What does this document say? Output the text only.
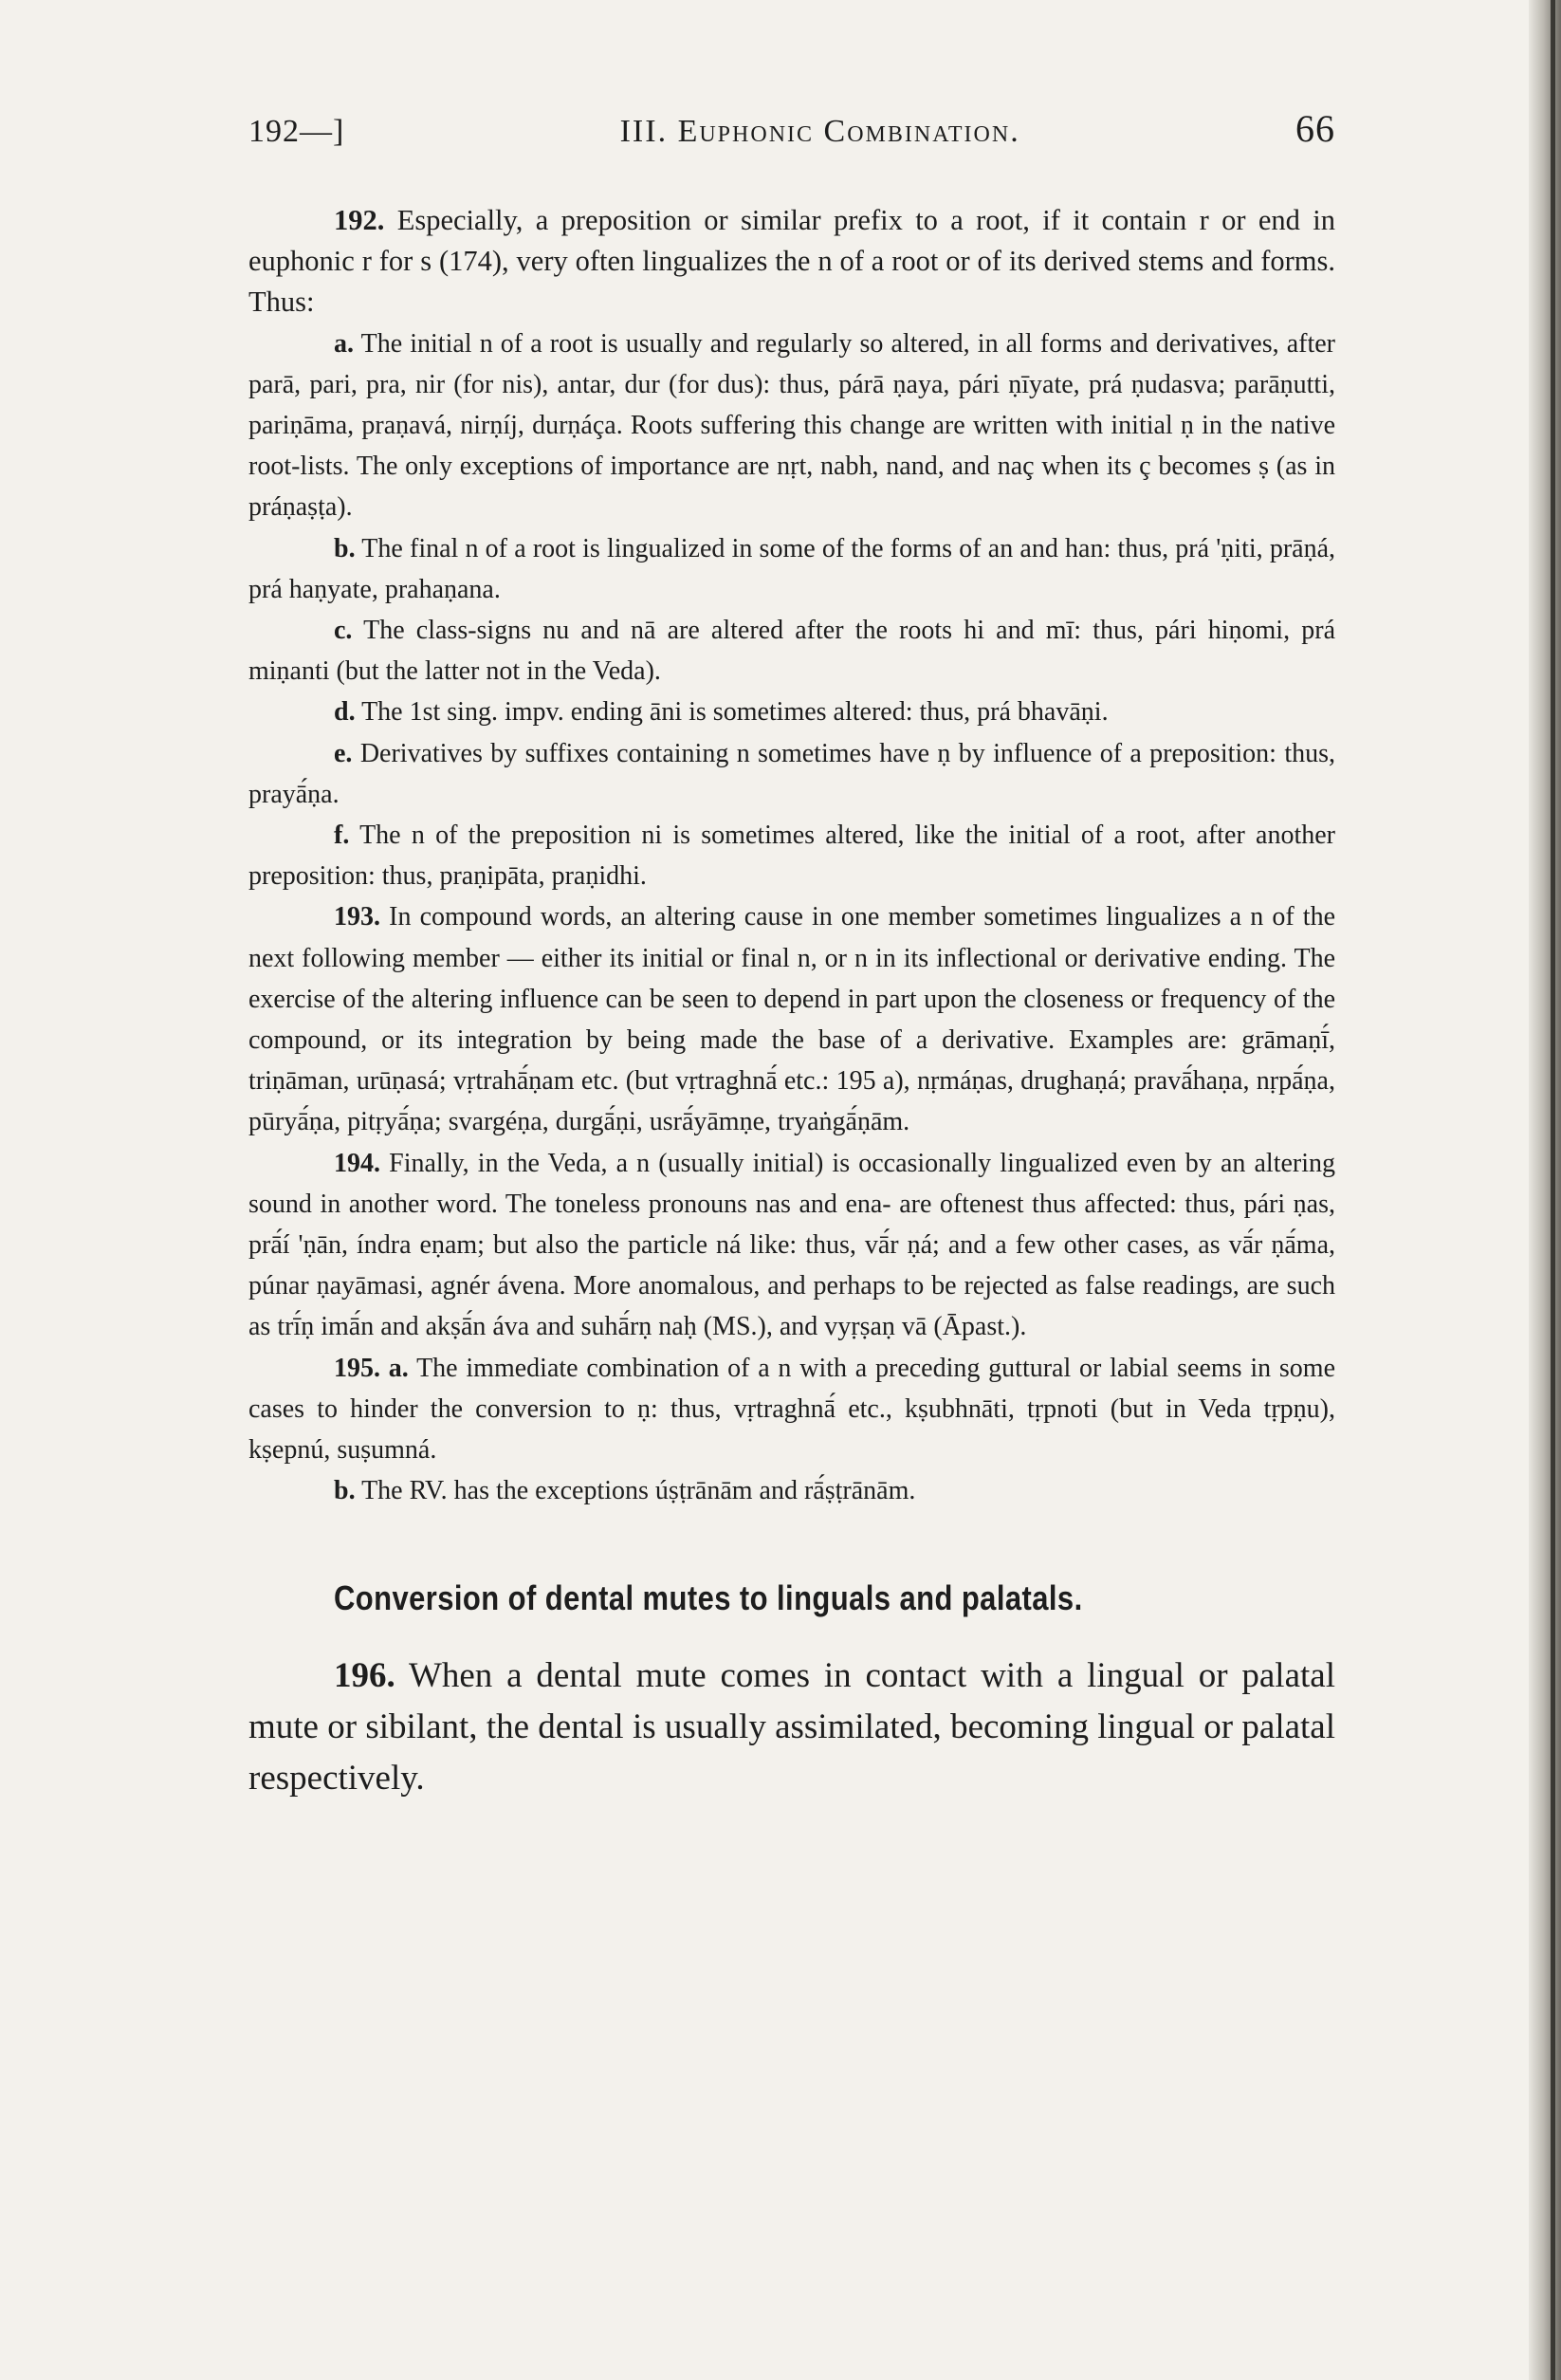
192—]	III. Euphonic Combination.	66

192. Especially, a preposition or similar prefix to a root, if it contain r or end in euphonic r for s (174), very often lingualizes the n of a root or of its derived stems and forms. Thus:

a. The initial n of a root is usually and regularly so altered, in all forms and derivatives, after parā, pari, pra, nir (for nis), antar, dur (for dus): thus, párā ṇaya, pári ṇīyate, prá ṇudasva; parāṇutti, pariṇāma, praṇavá, nirṇíj, durṇáça. Roots suffering this change are written with initial ṇ in the native root-lists. The only exceptions of importance are nṛt, nabh, nand, and naç when its ç becomes ṣ (as in práṇaṣṭa).

b. The final n of a root is lingualized in some of the forms of an and han: thus, prá 'ṇiti, prāṇá, prá haṇyate, prahaṇana.

c. The class-signs nu and nā are altered after the roots hi and mī: thus, pári hiṇomi, prá miṇanti (but the latter not in the Veda).

d. The 1st sing. impv. ending āni is sometimes altered: thus, prá bhavāṇi.

e. Derivatives by suffixes containing n sometimes have ṇ by influence of a preposition: thus, prayā́ṇa.

f. The n of the preposition ni is sometimes altered, like the initial of a root, after another preposition: thus, praṇipāta, praṇidhi.

193. In compound words, an altering cause in one member sometimes lingualizes a n of the next following member — either its initial or final n, or n in its inflectional or derivative ending. The exercise of the altering influence can be seen to depend in part upon the closeness or frequency of the compound, or its integration by being made the base of a derivative. Examples are: grāmaṇī́, triṇāman, urūṇasá; vṛtrahā́ṇam etc. (but vṛtraghnā́ etc.: 195 a), nṛmáṇas, drughaṇá; pravā́haṇa, nṛpā́ṇa, pūryā́ṇa, pitṛyā́ṇa; svargéṇa, durgā́ṇi, usrā́yāmṇe, tryaṅgā́ṇām.

194. Finally, in the Veda, a n (usually initial) is occasionally lingualized even by an altering sound in another word. The toneless pronouns nas and ena- are oftenest thus affected: thus, pári ṇas, prā́í 'ṇān, índra eṇam; but also the particle ná like: thus, vā́r ṇá; and a few other cases, as vā́r ṇā́ma, púnar ṇayāmasi, agnér ávena. More anomalous, and perhaps to be rejected as false readings, are such as trī́ṇ imā́n and akṣā́n áva and suhā́rṇ naḥ (MS.), and vyṛṣaṇ vā (Āpast.).

195. a. The immediate combination of a n with a preceding guttural or labial seems in some cases to hinder the conversion to ṇ: thus, vṛtraghnā́ etc., kṣubhnāti, tṛpnoti (but in Veda tṛpṇu), kṣepnú, suṣumná.

b. The RV. has the exceptions úṣṭrānām and rā́ṣṭrānām.

Conversion of dental mutes to linguals and palatals.

196. When a dental mute comes in contact with a lingual or palatal mute or sibilant, the dental is usually assimilated, becoming lingual or palatal respectively.
